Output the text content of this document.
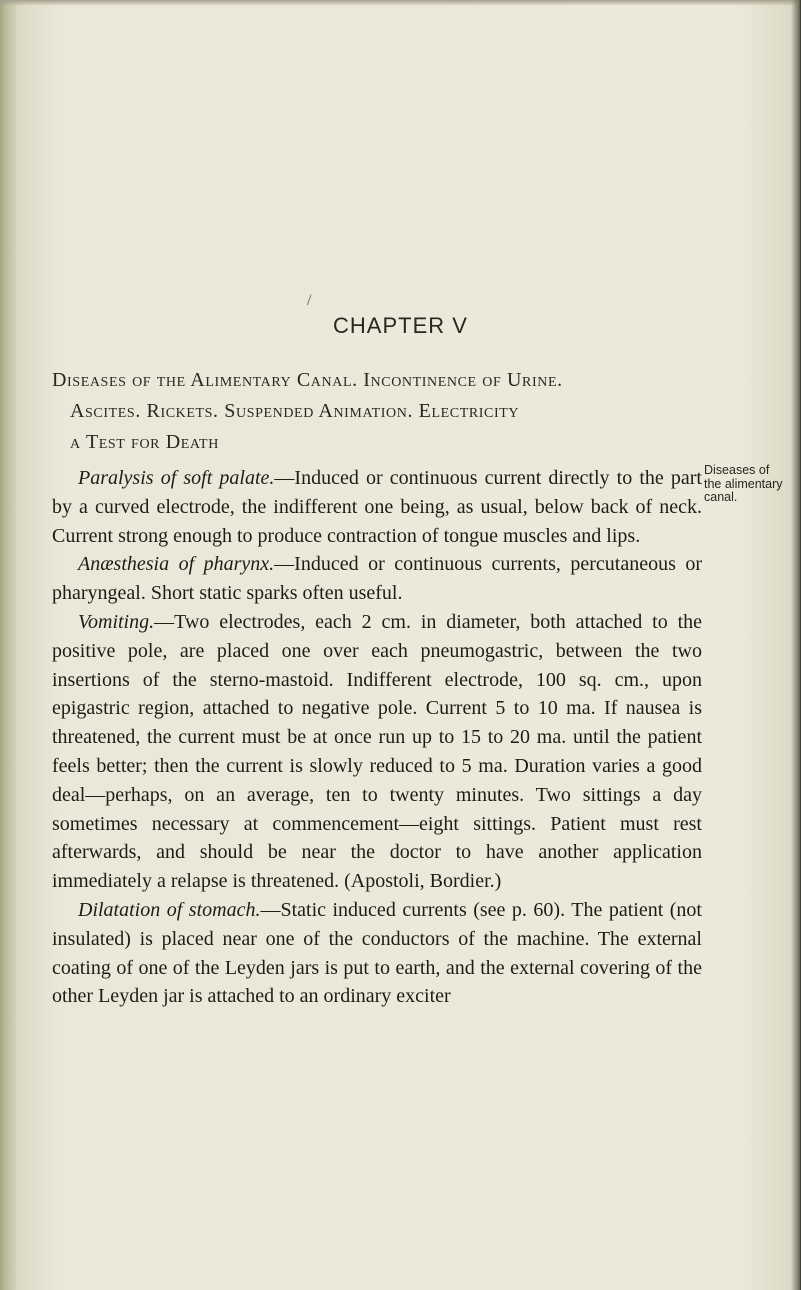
/
CHAPTER V
Diseases of the Alimentary Canal. Incontinence of Urine.
Ascites. Rickets. Suspended Animation. Electricity
a Test for Death
Diseases of
the alimentary
canal.

Paralysis of soft palate.—Induced or continuous current directly to the part by a curved electrode, the indifferent one being, as usual, below back of neck. Current strong enough to produce contraction of tongue muscles and lips.

Anæsthesia of pharynx.—Induced or continuous currents, percutaneous or pharyngeal. Short static sparks often useful.

Vomiting.—Two electrodes, each 2 cm. in diameter, both attached to the positive pole, are placed one over each pneumogastric, between the two insertions of the sterno-mastoid. Indifferent electrode, 100 sq. cm., upon epigastric region, attached to negative pole. Current 5 to 10 ma. If nausea is threatened, the current must be at once run up to 15 to 20 ma. until the patient feels better; then the current is slowly reduced to 5 ma. Duration varies a good deal—perhaps, on an average, ten to twenty minutes. Two sittings a day sometimes necessary at commencement—eight sittings. Patient must rest afterwards, and should be near the doctor to have another application immediately a relapse is threatened. (Apostoli, Bordier.)

Dilatation of stomach.—Static induced currents (see p. 60). The patient (not insulated) is placed near one of the conductors of the machine. The external coating of one of the Leyden jars is put to earth, and the external covering of the other Leyden jar is attached to an ordinary exciter
